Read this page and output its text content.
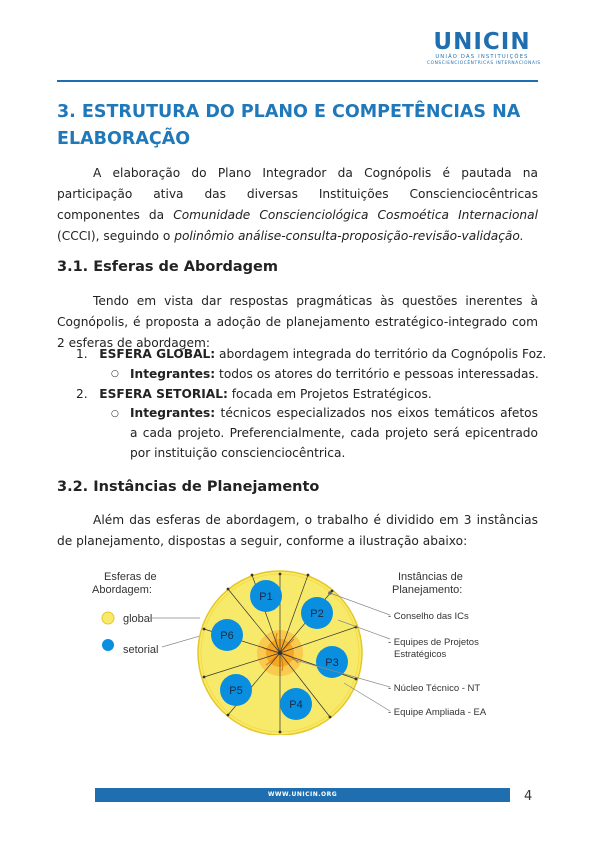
UNICIN
UNIÃO DAS INSTITUIÇÕES
CONSCIENCIOCÊNTRICAS INTERNACIONAIS
3. ESTRUTURA DO PLANO E COMPETÊNCIAS NA
ELABORAÇÃO

A elaboração do Plano Integrador da Cognópolis é pautada na participação ativa das diversas Instituições Conscienciocêntricas componentes da Comunidade Conscienciológica Cosmoética Internacional (CCCI), seguindo o polinômio análise-consulta-proposição-revisão-validação.

3.1. Esferas de Abordagem

Tendo em vista dar respostas pragmáticas às questões inerentes à Cognópolis, é proposta a adoção de planejamento estratégico-integrado com 2 esferas de abordagem:

1. ESFERA GLOBAL: abordagem integrada do território da Cognópolis Foz.
○ Integrantes: todos os atores do território e pessoas interessadas.
2. ESFERA SETORIAL: focada em Projetos Estratégicos.
○ Integrantes: técnicos especializados nos eixos temáticos afetos a cada projeto. Preferencialmente, cada projeto será epicentrado por instituição conscienciocêntrica.
3.2. Instâncias de Planejamento

Além das esferas de abordagem, o trabalho é dividido em 3 instâncias de planejamento, dispostas a seguir, conforme a ilustração abaixo:

Esferas de
Abordagem:
global
setorial
P1
P2
P3
P4
P5
P6
Instâncias de
Planejamento:
- Conselho das ICs
- Equipes de Projetos
Estratégicos
- Núcleo Técnico - NT
- Equipe Ampliada - EA
WWW.UNICIN.ORG	4
